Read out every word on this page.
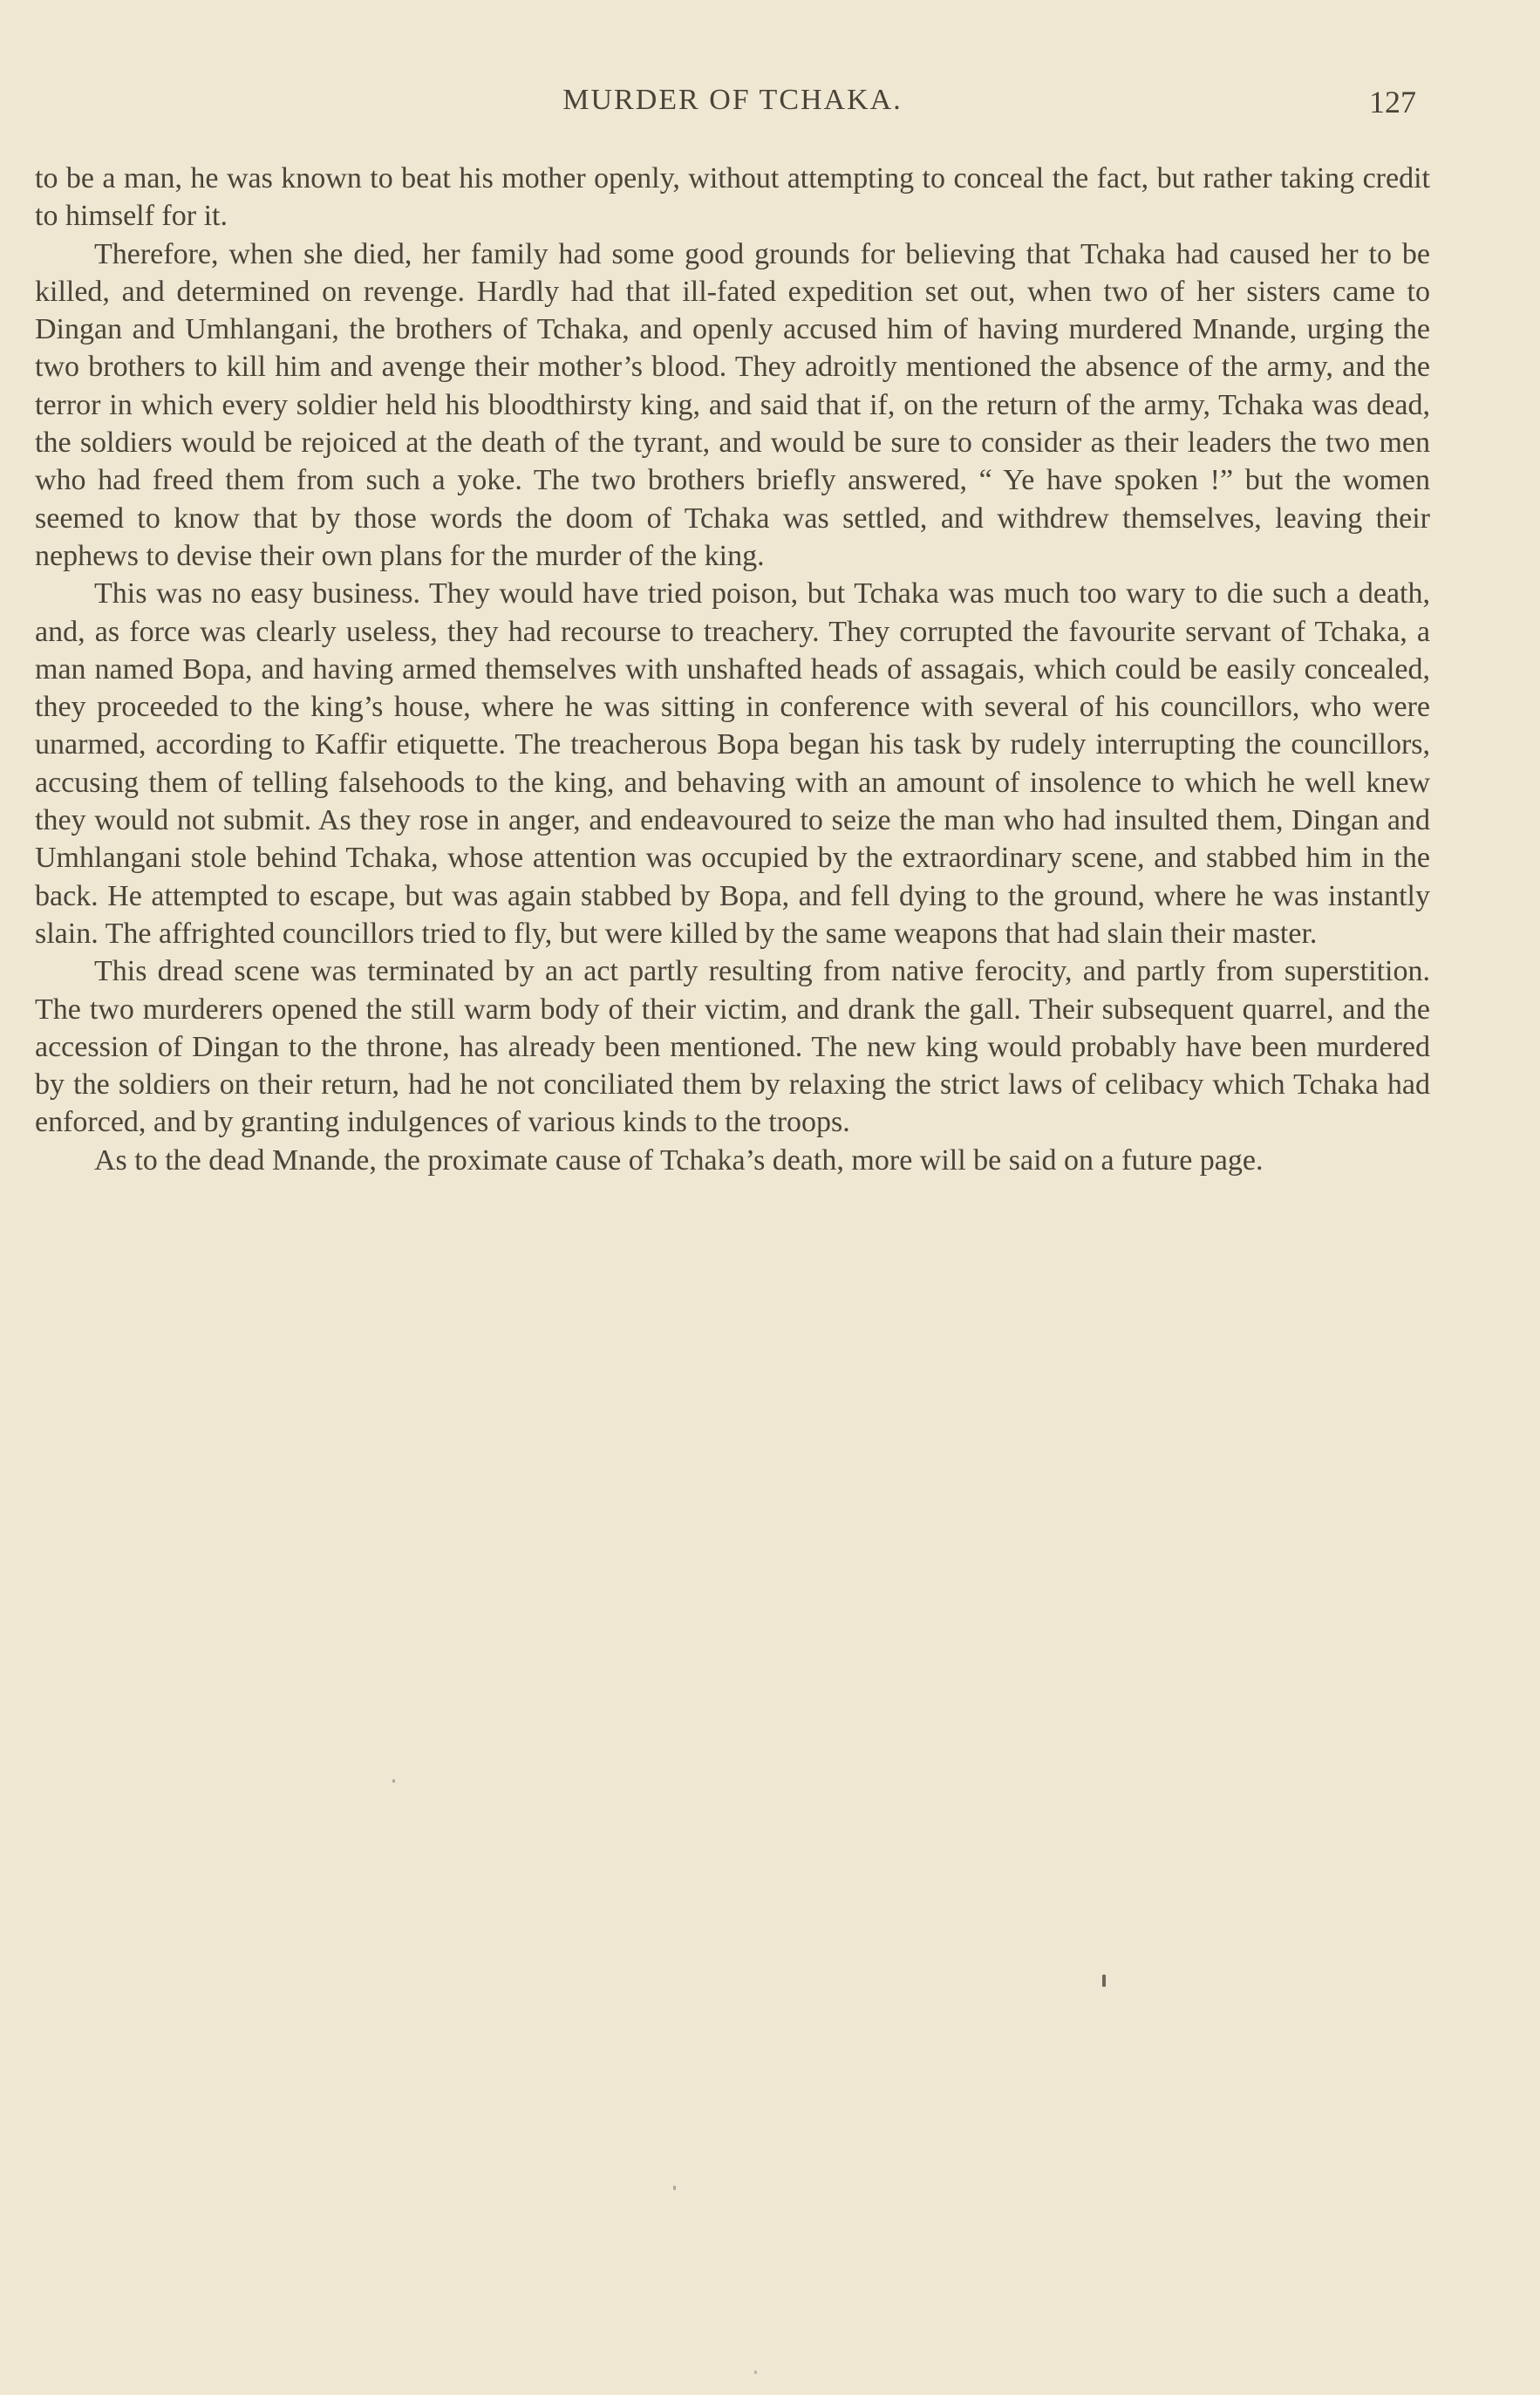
MURDER OF TCHAKA.	127

to be a man, he was known to beat his mother openly, without attempting to conceal the fact, but rather taking credit to himself for it.

Therefore, when she died, her family had some good grounds for believing that Tchaka had caused her to be killed, and determined on revenge. Hardly had that ill-fated expedition set out, when two of her sisters came to Dingan and Umhlangani, the brothers of Tchaka, and openly accused him of having murdered Mnande, urging the two brothers to kill him and avenge their mother’s blood. They adroitly mentioned the absence of the army, and the terror in which every soldier held his bloodthirsty king, and said that if, on the return of the army, Tchaka was dead, the soldiers would be rejoiced at the death of the tyrant, and would be sure to consider as their leaders the two men who had freed them from such a yoke. The two brothers briefly answered, “ Ye have spoken !” but the women seemed to know that by those words the doom of Tchaka was settled, and withdrew themselves, leaving their nephews to devise their own plans for the murder of the king.

This was no easy business. They would have tried poison, but Tchaka was much too wary to die such a death, and, as force was clearly useless, they had recourse to treachery. They corrupted the favourite servant of Tchaka, a man named Bopa, and having armed themselves with unshafted heads of assagais, which could be easily concealed, they proceeded to the king’s house, where he was sitting in conference with several of his councillors, who were unarmed, according to Kaffir etiquette. The treacherous Bopa began his task by rudely interrupting the councillors, accusing them of telling falsehoods to the king, and behaving with an amount of insolence to which he well knew they would not submit. As they rose in anger, and endeavoured to seize the man who had insulted them, Dingan and Umhlangani stole behind Tchaka, whose attention was occupied by the extraordinary scene, and stabbed him in the back. He attempted to escape, but was again stabbed by Bopa, and fell dying to the ground, where he was instantly slain. The affrighted councillors tried to fly, but were killed by the same weapons that had slain their master.

This dread scene was terminated by an act partly resulting from native ferocity, and partly from superstition. The two murderers opened the still warm body of their victim, and drank the gall. Their subsequent quarrel, and the accession of Dingan to the throne, has already been mentioned. The new king would probably have been murdered by the soldiers on their return, had he not conciliated them by relaxing the strict laws of celibacy which Tchaka had enforced, and by granting indulgences of various kinds to the troops.

As to the dead Mnande, the proximate cause of Tchaka’s death, more will be said on a future page.
